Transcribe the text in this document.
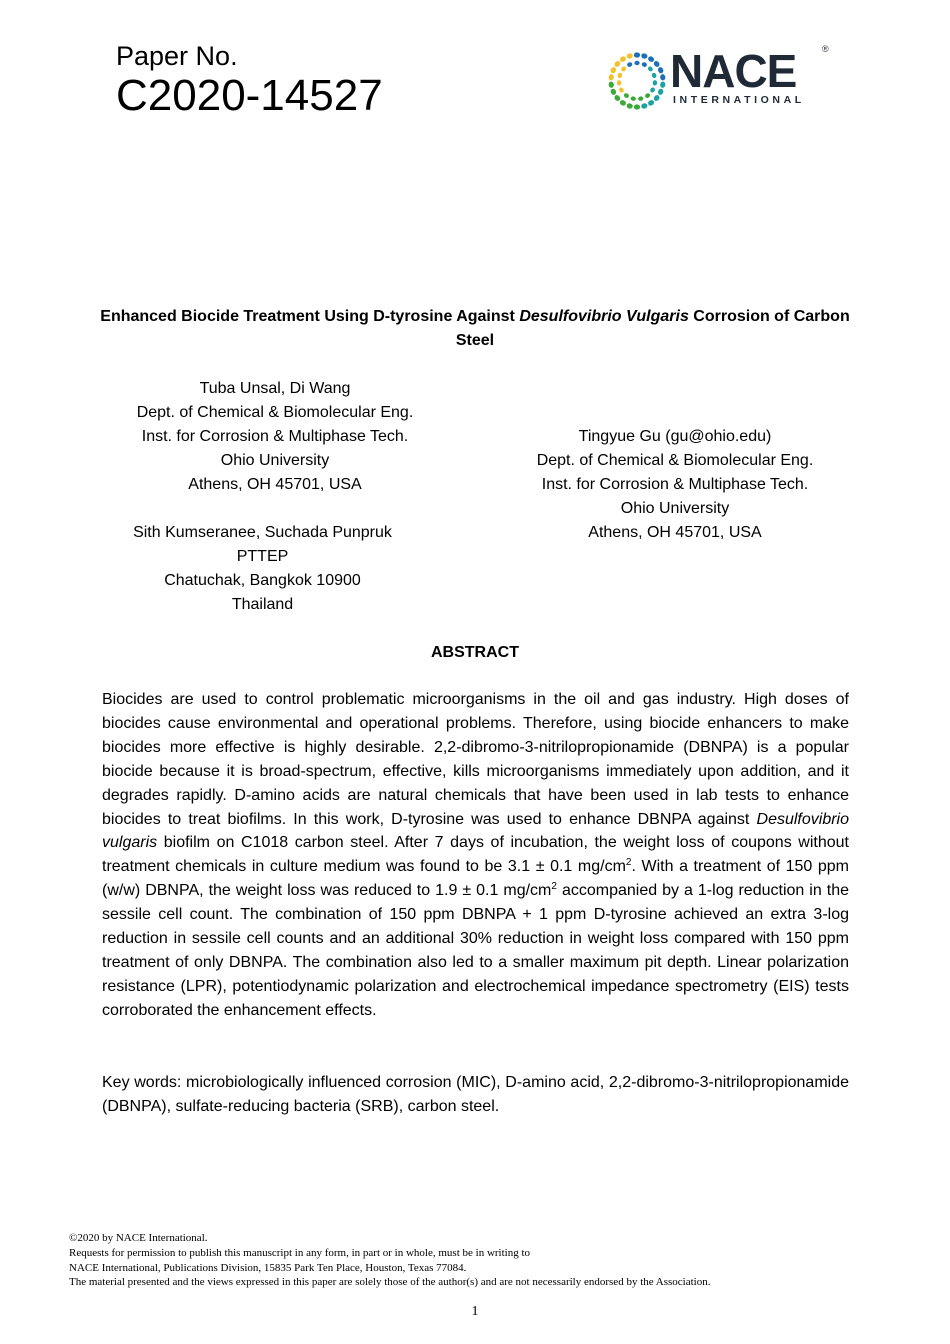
Paper No.
C2020-14527	NACE	®
INTERNATIONAL
Enhanced Biocide Treatment Using D-tyrosine Against Desulfovibrio Vulgaris Corrosion of Carbon Steel
Tuba Unsal, Di Wang
Dept. of Chemical & Biomolecular Eng.
Inst. for Corrosion & Multiphase Tech.
Ohio University
Athens, OH 45701, USA
Tingyue Gu (gu@ohio.edu)
Dept. of Chemical & Biomolecular Eng.
Inst. for Corrosion & Multiphase Tech.
Ohio University
Athens, OH 45701, USA
Sith Kumseranee, Suchada Punpruk
PTTEP
Chatuchak, Bangkok 10900
Thailand
ABSTRACT
Biocides are used to control problematic microorganisms in the oil and gas industry. High doses of biocides cause environmental and operational problems. Therefore, using biocide enhancers to make biocides more effective is highly desirable. 2,2-dibromo-3-nitrilopropionamide (DBNPA) is a popular biocide because it is broad-spectrum, effective, kills microorganisms immediately upon addition, and it degrades rapidly. D-amino acids are natural chemicals that have been used in lab tests to enhance biocides to treat biofilms. In this work, D-tyrosine was used to enhance DBNPA against Desulfovibrio vulgaris biofilm on C1018 carbon steel. After 7 days of incubation, the weight loss of coupons without treatment chemicals in culture medium was found to be 3.1 ± 0.1 $mg/cm^2$. With a treatment of 150 ppm (w/w) DBNPA, the weight loss was reduced to 1.9 ± 0.1 $mg/cm^2$ accompanied by a 1-log reduction in the sessile cell count. The combination of 150 ppm DBNPA + 1 ppm D-tyrosine achieved an extra 3-log reduction in sessile cell counts and an additional 30% reduction in weight loss compared with 150 ppm treatment of only DBNPA. The combination also led to a smaller maximum pit depth. Linear polarization resistance (LPR), potentiodynamic polarization and electrochemical impedance spectrometry (EIS) tests corroborated the enhancement effects.
Key words: microbiologically influenced corrosion (MIC), D-amino acid, 2,2-dibromo-3-nitrilopropionamide (DBNPA), sulfate-reducing bacteria (SRB), carbon steel.
©2020 by NACE International.
Requests for permission to publish this manuscript in any form, in part or in whole, must be in writing to
NACE International, Publications Division, 15835 Park Ten Place, Houston, Texas 77084.
The material presented and the views expressed in this paper are solely those of the author(s) and are not necessarily endorsed by the Association.
1
